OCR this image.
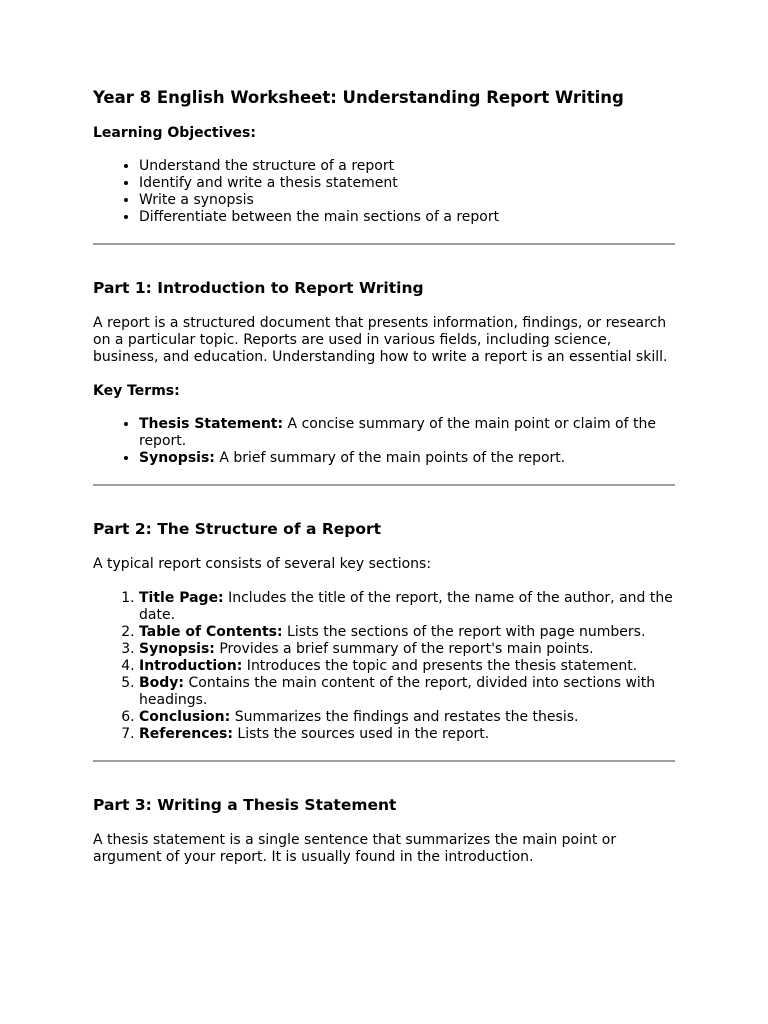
Year 8 English Worksheet: Understanding Report Writing
Learning Objectives:
• Understand the structure of a report
• Identify and write a thesis statement
• Write a synopsis
• Differentiate between the main sections of a report
Part 1: Introduction to Report Writing

A report is a structured document that presents information, findings, or research on a particular topic. Reports are used in various fields, including science, business, and education. Understanding how to write a report is an essential skill.

Key Terms:
• Thesis Statement: A concise summary of the main point or claim of the report.
• Synopsis: A brief summary of the main points of the report.
Part 2: The Structure of a Report

A typical report consists of several key sections:

1. Title Page: Includes the title of the report, the name of the author, and the date.
2. Table of Contents: Lists the sections of the report with page numbers.
3. Synopsis: Provides a brief summary of the report's main points.
4. Introduction: Introduces the topic and presents the thesis statement.
5. Body: Contains the main content of the report, divided into sections with headings.
6. Conclusion: Summarizes the findings and restates the thesis.
7. References: Lists the sources used in the report.
Part 3: Writing a Thesis Statement

A thesis statement is a single sentence that summarizes the main point or argument of your report. It is usually found in the introduction.
